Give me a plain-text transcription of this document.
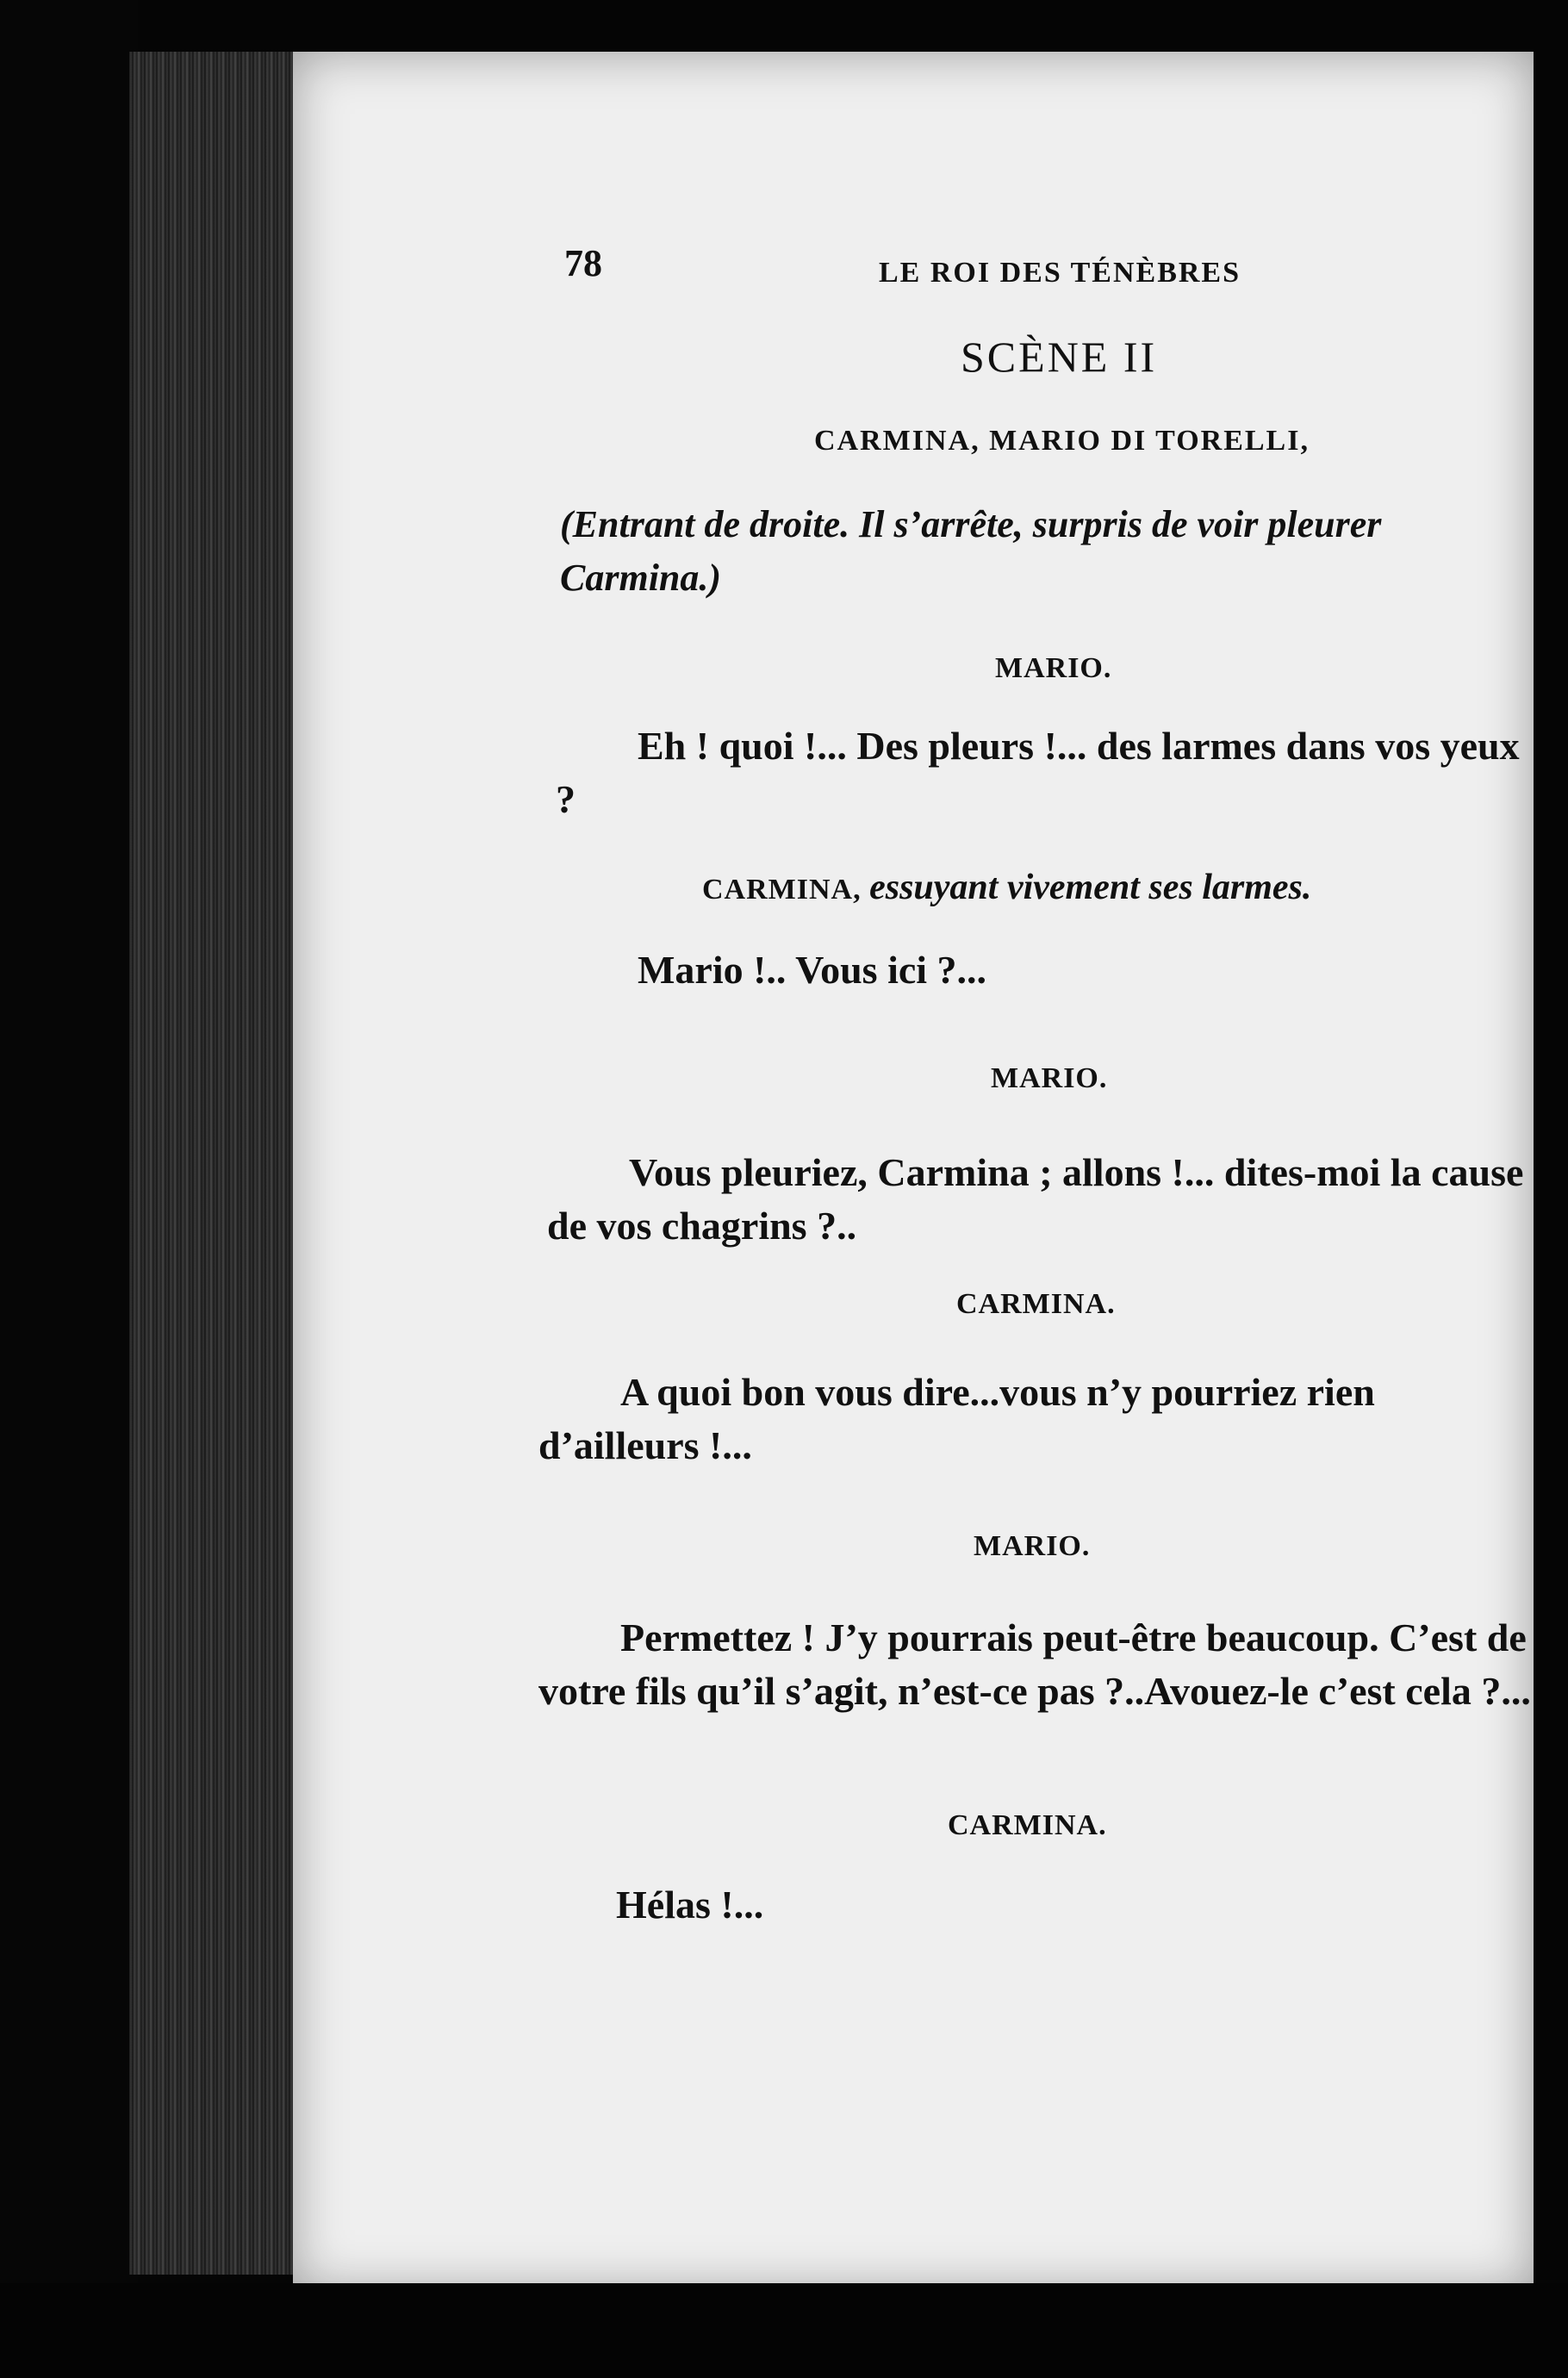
78	LE ROI DES TÉNÈBRES
SCÈNE II
CARMINA, MARIO DI TORELLI,
(Entrant de droite. Il s’arrête, surpris de voir pleurer Carmina.)
MARIO.
Eh ! quoi !... Des pleurs !... des larmes dans vos yeux ?
CARMINA, essuyant vivement ses larmes.
Mario !.. Vous ici ?...
MARIO.
Vous pleuriez, Carmina ; allons !... dites-moi la cause de vos chagrins ?..
CARMINA.
A quoi bon vous dire...vous n’y pourriez rien d’ailleurs !...
MARIO.
Permettez ! J’y pourrais peut-être beaucoup. C’est de votre fils qu’il s’agit, n’est-ce pas ?..Avouez-le c’est cela ?...
CARMINA.
Hélas !...
